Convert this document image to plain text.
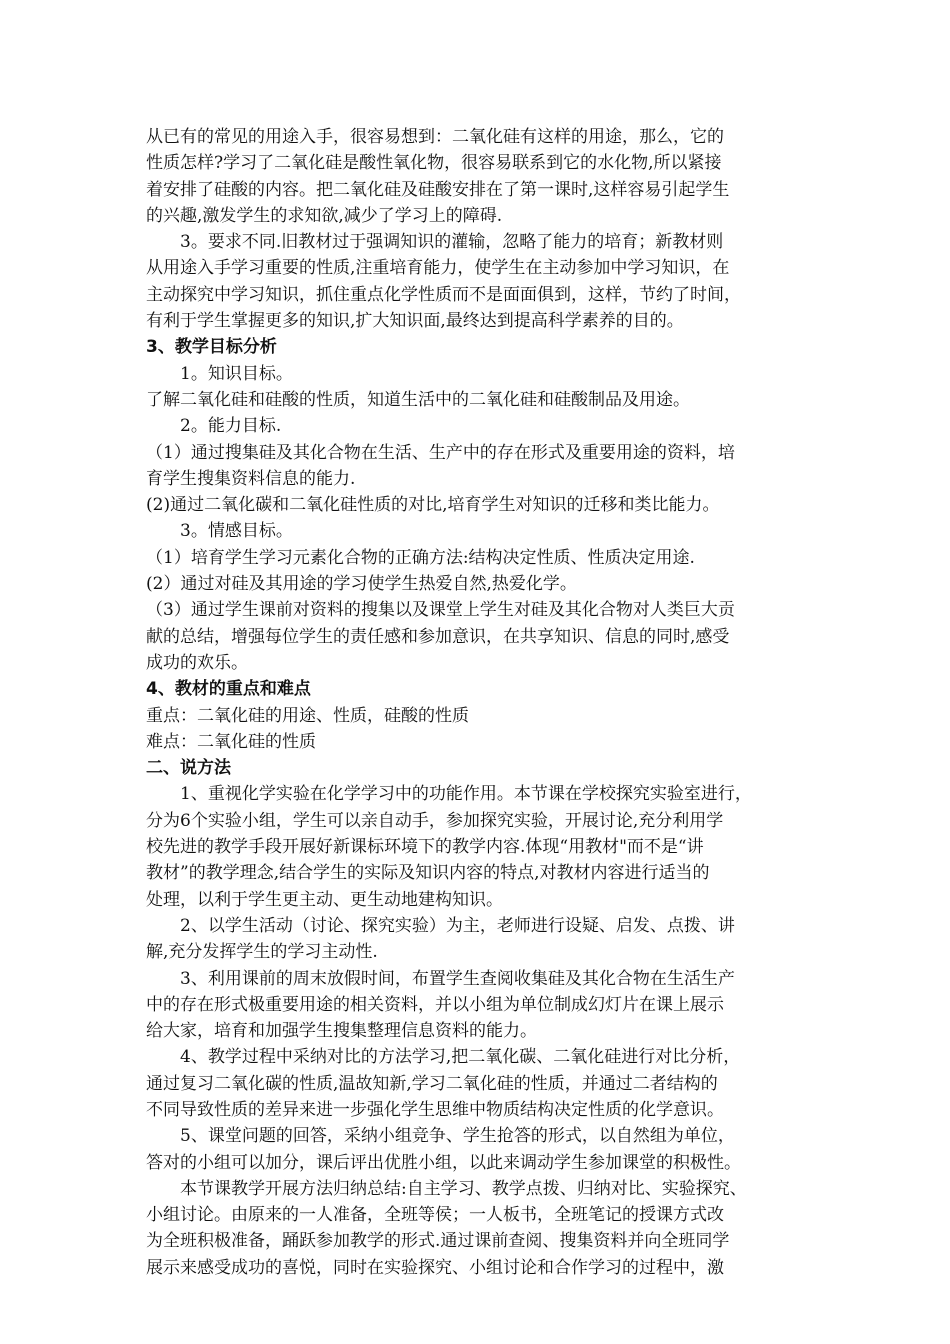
从已有的常见的用途入手，很容易想到：二氧化硅有这样的用途，那么，它的
性质怎样?学习了二氧化硅是酸性氧化物，很容易联系到它的水化物,所以紧接
着安排了硅酸的内容。把二氧化硅及硅酸安排在了第一课时,这样容易引起学生
的兴趣,激发学生的求知欲,减少了学习上的障碍.
3。要求不同.旧教材过于强调知识的灌输，忽略了能力的培育；新教材则
从用途入手学习重要的性质,注重培育能力，使学生在主动参加中学习知识，在
主动探究中学习知识，抓住重点化学性质而不是面面俱到，这样，节约了时间，
有利于学生掌握更多的知识,扩大知识面,最终达到提高科学素养的目的。
3、教学目标分析
1。知识目标。
了解二氧化硅和硅酸的性质，知道生活中的二氧化硅和硅酸制品及用途。
2。能力目标.
（1）通过搜集硅及其化合物在生活、生产中的存在形式及重要用途的资料，培
育学生搜集资料信息的能力.
(2)通过二氧化碳和二氧化硅性质的对比,培育学生对知识的迁移和类比能力。
3。情感目标。
（1）培育学生学习元素化合物的正确方法:结构决定性质、性质决定用途.
(2）通过对硅及其用途的学习使学生热爱自然,热爱化学。
（3）通过学生课前对资料的搜集以及课堂上学生对硅及其化合物对人类巨大贡
献的总结，增强每位学生的责任感和参加意识，在共享知识、信息的同时,感受
成功的欢乐。
4、教材的重点和难点
重点：二氧化硅的用途、性质，硅酸的性质
难点：二氧化硅的性质
二、说方法
1、重视化学实验在化学学习中的功能作用。本节课在学校探究实验室进行，
分为6个实验小组，学生可以亲自动手，参加探究实验，开展讨论,充分利用学
校先进的教学手段开展好新课标环境下的教学内容.体现“用教材"而不是“讲
教材”的教学理念,结合学生的实际及知识内容的特点,对教材内容进行适当的
处理，以利于学生更主动、更生动地建构知识。
2、以学生活动（讨论、探究实验）为主，老师进行设疑、启发、点拨、讲
解,充分发挥学生的学习主动性.
3、利用课前的周末放假时间，布置学生查阅收集硅及其化合物在生活生产
中的存在形式极重要用途的相关资料，并以小组为单位制成幻灯片在课上展示
给大家，培育和加强学生搜集整理信息资料的能力。
4、教学过程中采纳对比的方法学习,把二氧化碳、二氧化硅进行对比分析，
通过复习二氧化碳的性质,温故知新,学习二氧化硅的性质，并通过二者结构的
不同导致性质的差异来进一步强化学生思维中物质结构决定性质的化学意识。
5、课堂问题的回答，采纳小组竞争、学生抢答的形式，以自然组为单位，
答对的小组可以加分，课后评出优胜小组，以此来调动学生参加课堂的积极性。
本节课教学开展方法归纳总结:自主学习、教学点拨、归纳对比、实验探究、
小组讨论。由原来的一人准备，全班等侯；一人板书，全班笔记的授课方式改
为全班积极准备，踊跃参加教学的形式.通过课前查阅、搜集资料并向全班同学
展示来感受成功的喜悦，同时在实验探究、小组讨论和合作学习的过程中，激
